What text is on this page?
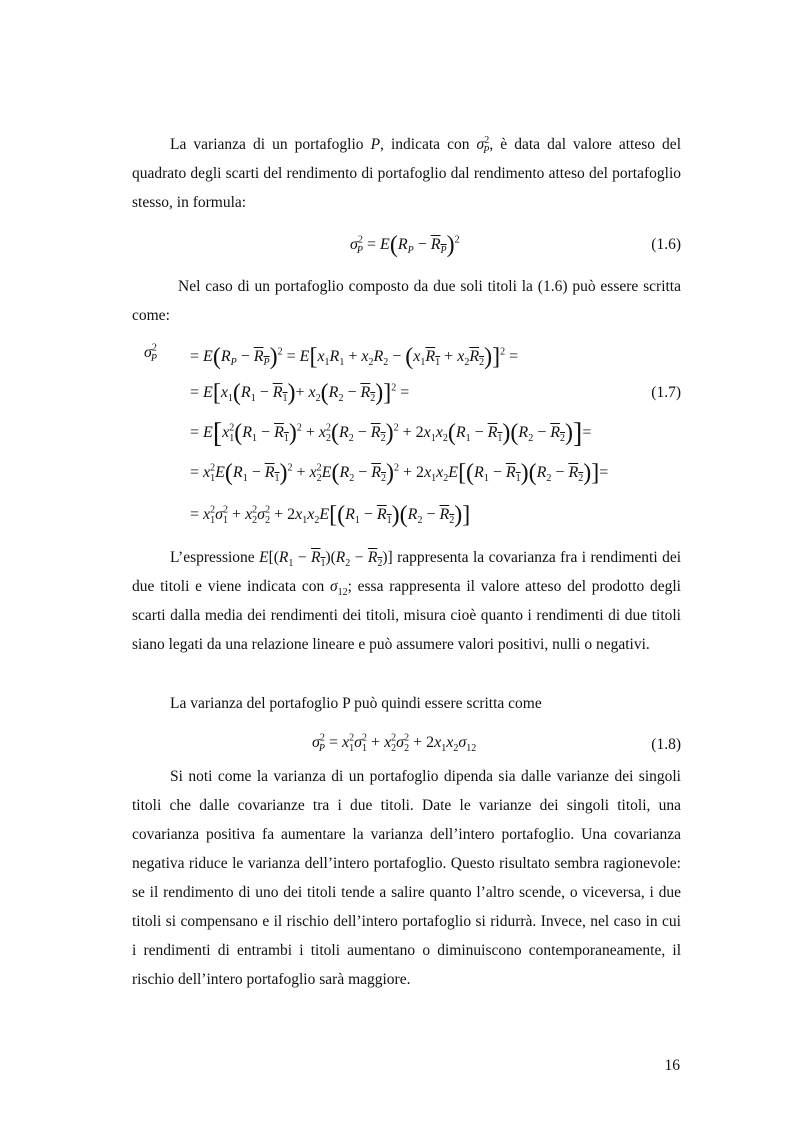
La varianza di un portafoglio P, indicata con $\sigma^2_P$, è data dal valore atteso del quadrato degli scarti del rendimento di portafoglio dal rendimento atteso del portafoglio stesso, in formula:

$\sigma^2_P = E(R_P - R_P)^2$	(1.6)

Nel caso di un portafoglio composto da due soli titoli la (1.6) può essere scritta come:

$\sigma^2_P = E(R_P - R_P)^2 = E[x_1R_1 + x_2R_2 - (x_1R_1 + x_2R_2)]^2$ =
= $E[x_1(R_1 - R_1)+ x_2(R_2 - R_2)]^2$ =	(1.7)
= $E[x^2_1(R_1 - R_1)^2 + x^2_2(R_2 - R_2)^2 + 2x_1x_2(R_1 - R_1)(R_2 - R_2)]=$
= $x^2_1E(R_1 - R_1)^2 + x^2_2E(R_2 - R_2)^2 + 2x_1x_2E[(R_1 - R_1)(R_2 - R_2)]=$
= $x^2_1\sigma^2_1 + x^2_2\sigma^2_2 + 2x_1x_2E[(R_1 - R_1)(R_2 - R_2)]$

L’espressione $E[(R_1 - R_1)(R_2 - R_2)]$ rappresenta la covarianza fra i rendimenti dei due titoli e viene indicata con $\sigma_{12}$; essa rappresenta il valore atteso del prodotto degli scarti dalla media dei rendimenti dei titoli, misura cioè quanto i rendimenti di due titoli siano legati da una relazione lineare e può assumere valori positivi, nulli o negativi.

La varianza del portafoglio P può quindi essere scritta come

$\sigma^2_P = x^2_1\sigma^2_1 + x^2_2\sigma^2_2 + 2x_1x_2\sigma_{12}$	(1.8)

Si noti come la varianza di un portafoglio dipenda sia dalle varianze dei singoli titoli che dalle covarianze tra i due titoli. Date le varianze dei singoli titoli, una covarianza positiva fa aumentare la varianza dell’intero portafoglio. Una covarianza negativa riduce le varianza dell’intero portafoglio. Questo risultato sembra ragionevole: se il rendimento di uno dei titoli tende a salire quanto l’altro scende, o viceversa, i due titoli si compensano e il rischio dell’intero portafoglio si ridurrà. Invece, nel caso in cui i rendimenti di entrambi i titoli aumentano o diminuiscono contemporaneamente, il rischio dell’intero portafoglio sarà maggiore.

16
